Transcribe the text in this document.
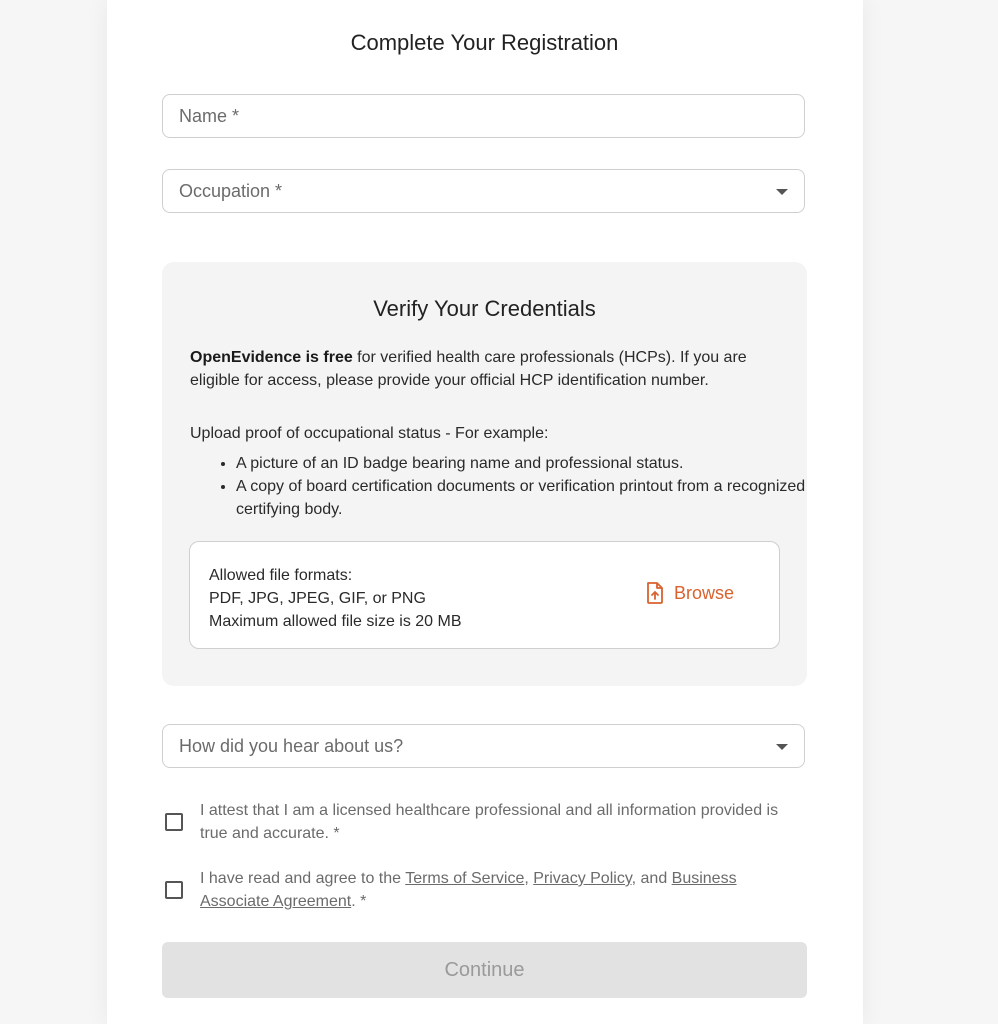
Complete Your Registration
Name *
Occupation *
Verify Your Credentials

OpenEvidence is free for verified health care professionals (HCPs). If you are eligible for access, please provide your official HCP identification number.

Upload proof of occupational status - For example:

• A picture of an ID badge bearing name and professional status.
• A copy of board certification documents or verification printout from a recognized certifying body.
Allowed file formats:
PDF, JPG, JPEG, GIF, or PNG
Maximum allowed file size is 20 MB
Browse
How did you hear about us?
I attest that I am a licensed healthcare professional and all information provided is true and accurate. *
I have read and agree to the Terms of Service, Privacy Policy, and Business Associate Agreement. *
Continue
